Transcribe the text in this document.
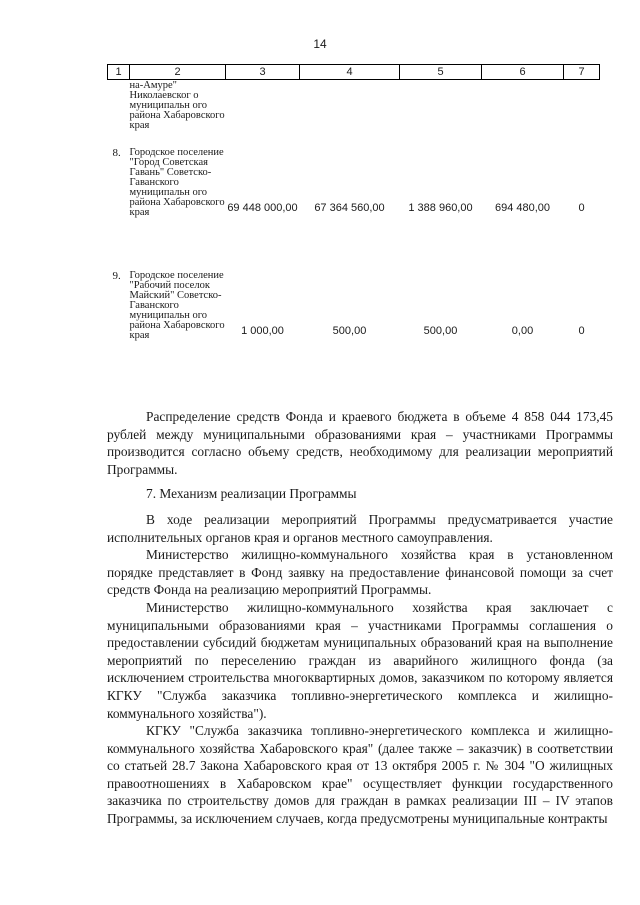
14
1	2	3	4	5	6	7
	на-Амуре" Николаевског о муниципальн ого района Хабаровского края					
8.	Городское поселение "Город Советская Гавань" Советско-Гаванского муниципальн ого района Хабаровского края	69 448 000,00	67 364 560,00	1 388 960,00	694 480,00	0
9.	Городское поселение "Рабочий поселок Майский" Советско-Гаванского муниципальн ого района Хабаровского края	1 000,00	500,00	500,00	0,00	0

Распределение средств Фонда и краевого бюджета в объеме 4 858 044 173,45 рублей между муниципальными образованиями края – участниками Программы производится согласно объему средств, необходимому для реализации мероприятий Программы.

7. Механизм реализации Программы

В ходе реализации мероприятий Программы предусматривается участие исполнительных органов края и органов местного самоуправления.

Министерство жилищно-коммунального хозяйства края в установленном порядке представляет в Фонд заявку на предоставление финансовой помощи за счет средств Фонда на реализацию мероприятий Программы.

Министерство жилищно-коммунального хозяйства края заключает с муниципальными образованиями края – участниками Программы соглашения о предоставлении субсидий бюджетам муниципальных образований края на выполнение мероприятий по переселению граждан из аварийного жилищного фонда (за исключением строительства многоквартирных домов, заказчиком по которому является КГКУ "Служба заказчика топливно-энергетического комплекса и жилищно-коммунального хозяйства").

КГКУ "Служба заказчика топливно-энергетического комплекса и жилищно-коммунального хозяйства Хабаровского края" (далее также – заказчик) в соответствии со статьей 28.7 Закона Хабаровского края от 13 октября 2005 г. № 304 "О жилищных правоотношениях в Хабаровском крае" осуществляет функции государственного заказчика по строительству домов для граждан в рамках реализации III – IV этапов Программы, за исключением случаев, когда предусмотрены муниципальные контракты
